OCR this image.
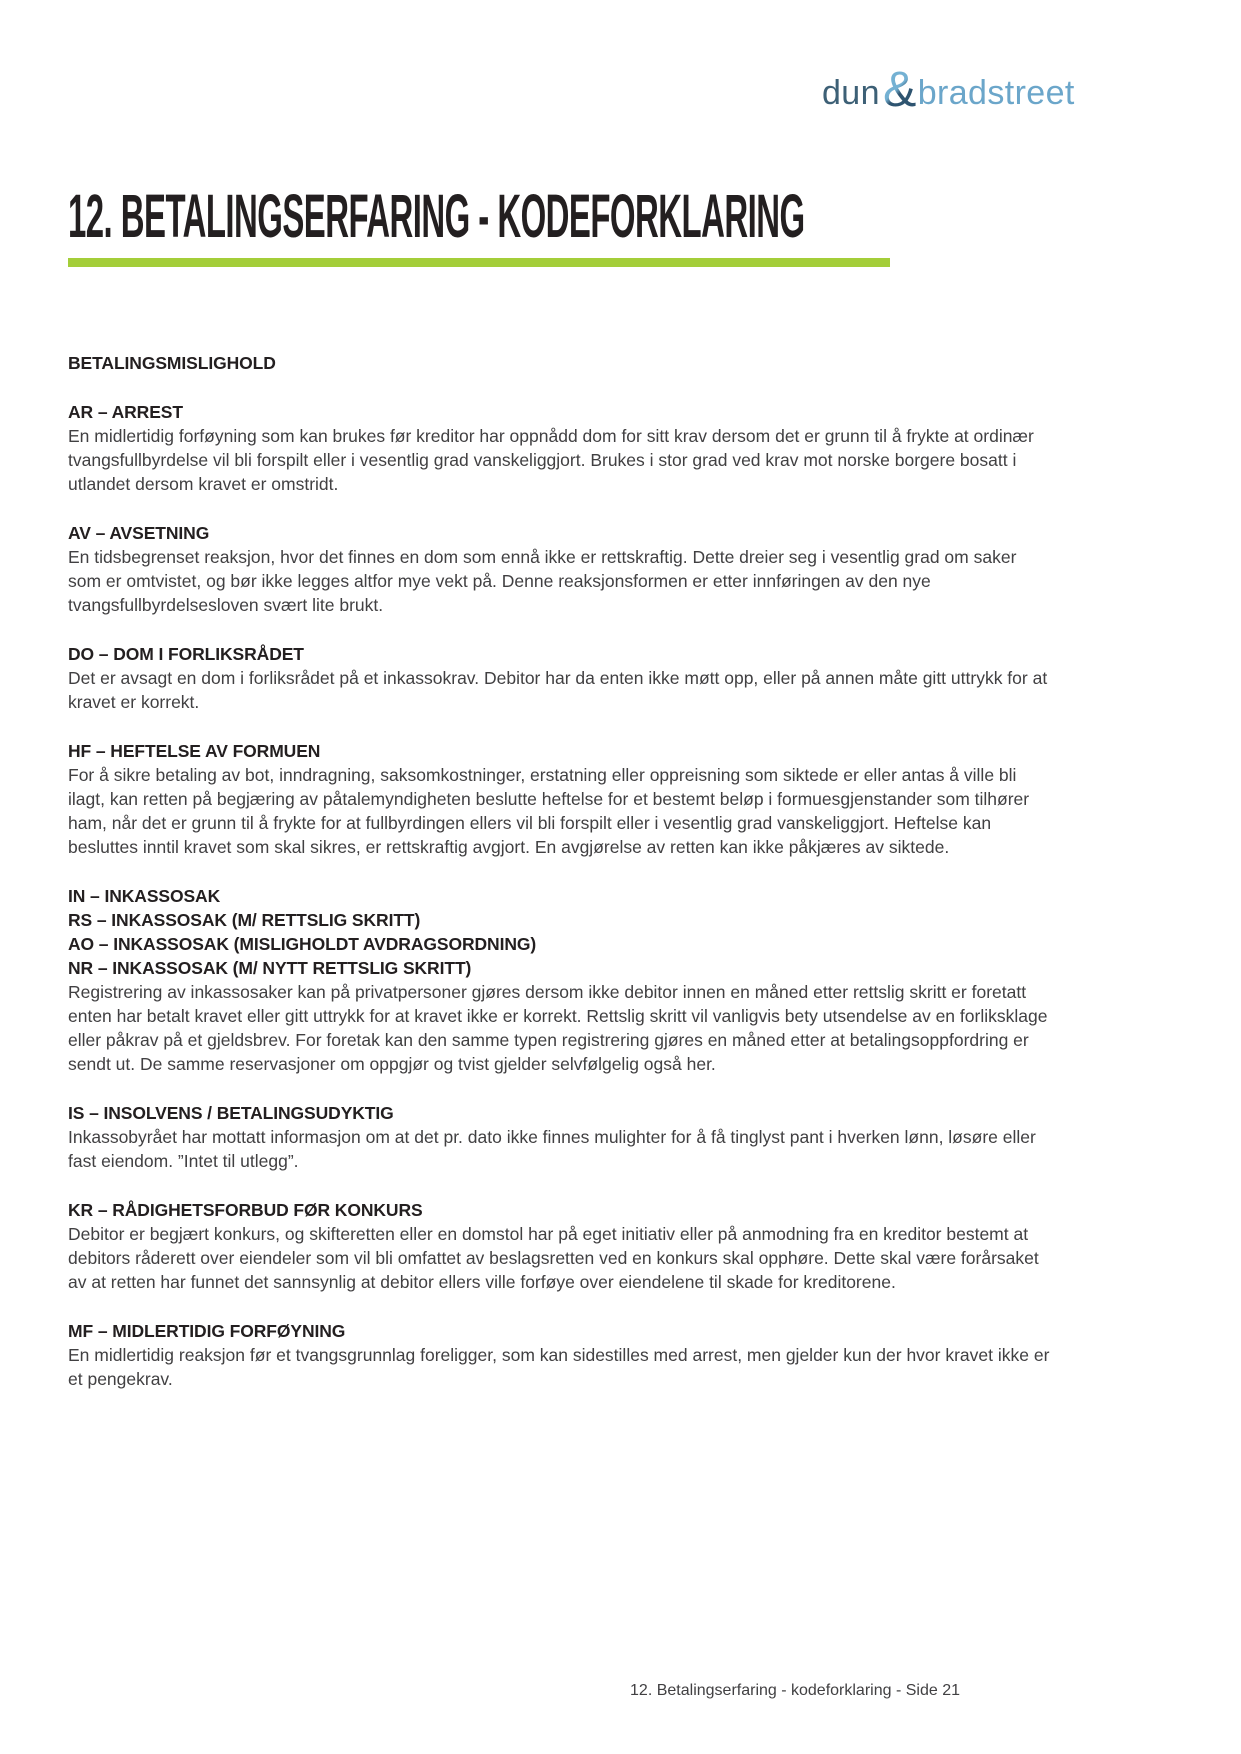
dun & bradstreet
12. BETALINGSERFARING - KODEFORKLARING
BETALINGSMISLIGHOLD
AR – ARREST

En midlertidig forføyning som kan brukes før kreditor har oppnådd dom for sitt krav dersom det er grunn til å frykte at ordinær tvangsfullbyrdelse vil bli forspilt eller i vesentlig grad vanskeliggjort. Brukes i stor grad ved krav mot norske borgere bosatt i utlandet dersom kravet er omstridt.

AV – AVSETNING

En tidsbegrenset reaksjon, hvor det finnes en dom som ennå ikke er rettskraftig. Dette dreier seg i vesentlig grad om saker som er omtvistet, og bør ikke legges altfor mye vekt på. Denne reaksjonsformen er etter innføringen av den nye tvangsfullbyrdelsesloven svært lite brukt.

DO – DOM I FORLIKSRÅDET

Det er avsagt en dom i forliksrådet på et inkassokrav. Debitor har da enten ikke møtt opp, eller på annen måte gitt uttrykk for at kravet er korrekt.

HF – HEFTELSE AV FORMUEN

For å sikre betaling av bot, inndragning, saksomkostninger, erstatning eller oppreisning som siktede er eller antas å ville bli ilagt, kan retten på begjæring av påtalemyndigheten beslutte heftelse for et bestemt beløp i formuesgjenstander som tilhører ham, når det er grunn til å frykte for at fullbyrdingen ellers vil bli forspilt eller i vesentlig grad vanskeliggjort. Heftelse kan besluttes inntil kravet som skal sikres, er rettskraftig avgjort. En avgjørelse av retten kan ikke påkjæres av siktede.

IN – INKASSOSAK
RS – INKASSOSAK (M/ RETTSLIG SKRITT)
AO – INKASSOSAK (MISLIGHOLDT AVDRAGSORDNING)
NR – INKASSOSAK (M/ NYTT RETTSLIG SKRITT)

Registrering av inkassosaker kan på privatpersoner gjøres dersom ikke debitor innen en måned etter rettslig skritt er foretatt enten har betalt kravet eller gitt uttrykk for at kravet ikke er korrekt. Rettslig skritt vil vanligvis bety utsendelse av en forliksklage eller påkrav på et gjeldsbrev. For foretak kan den samme typen registrering gjøres en måned etter at betalingsoppfordring er sendt ut. De samme reservasjoner om oppgjør og tvist gjelder selvfølgelig også her.

IS – INSOLVENS / BETALINGSUDYKTIG

Inkassobyrået har mottatt informasjon om at det pr. dato ikke finnes mulighter for å få tinglyst pant i hverken lønn, løsøre eller fast eiendom. ”Intet til utlegg”.

KR – RÅDIGHETSFORBUD FØR KONKURS

Debitor er begjært konkurs, og skifteretten eller en domstol har på eget initiativ eller på anmodning fra en kreditor bestemt at debitors råderett over eiendeler som vil bli omfattet av beslagsretten ved en konkurs skal opphøre. Dette skal være forårsaket av at retten har funnet det sannsynlig at debitor ellers ville forføye over eiendelene til skade for kreditorene.

MF – MIDLERTIDIG FORFØYNING

En midlertidig reaksjon før et tvangsgrunnlag foreligger, som kan sidestilles med arrest, men gjelder kun der hvor kravet ikke er et pengekrav.

12. Betalingserfaring - kodeforklaring - Side 21
